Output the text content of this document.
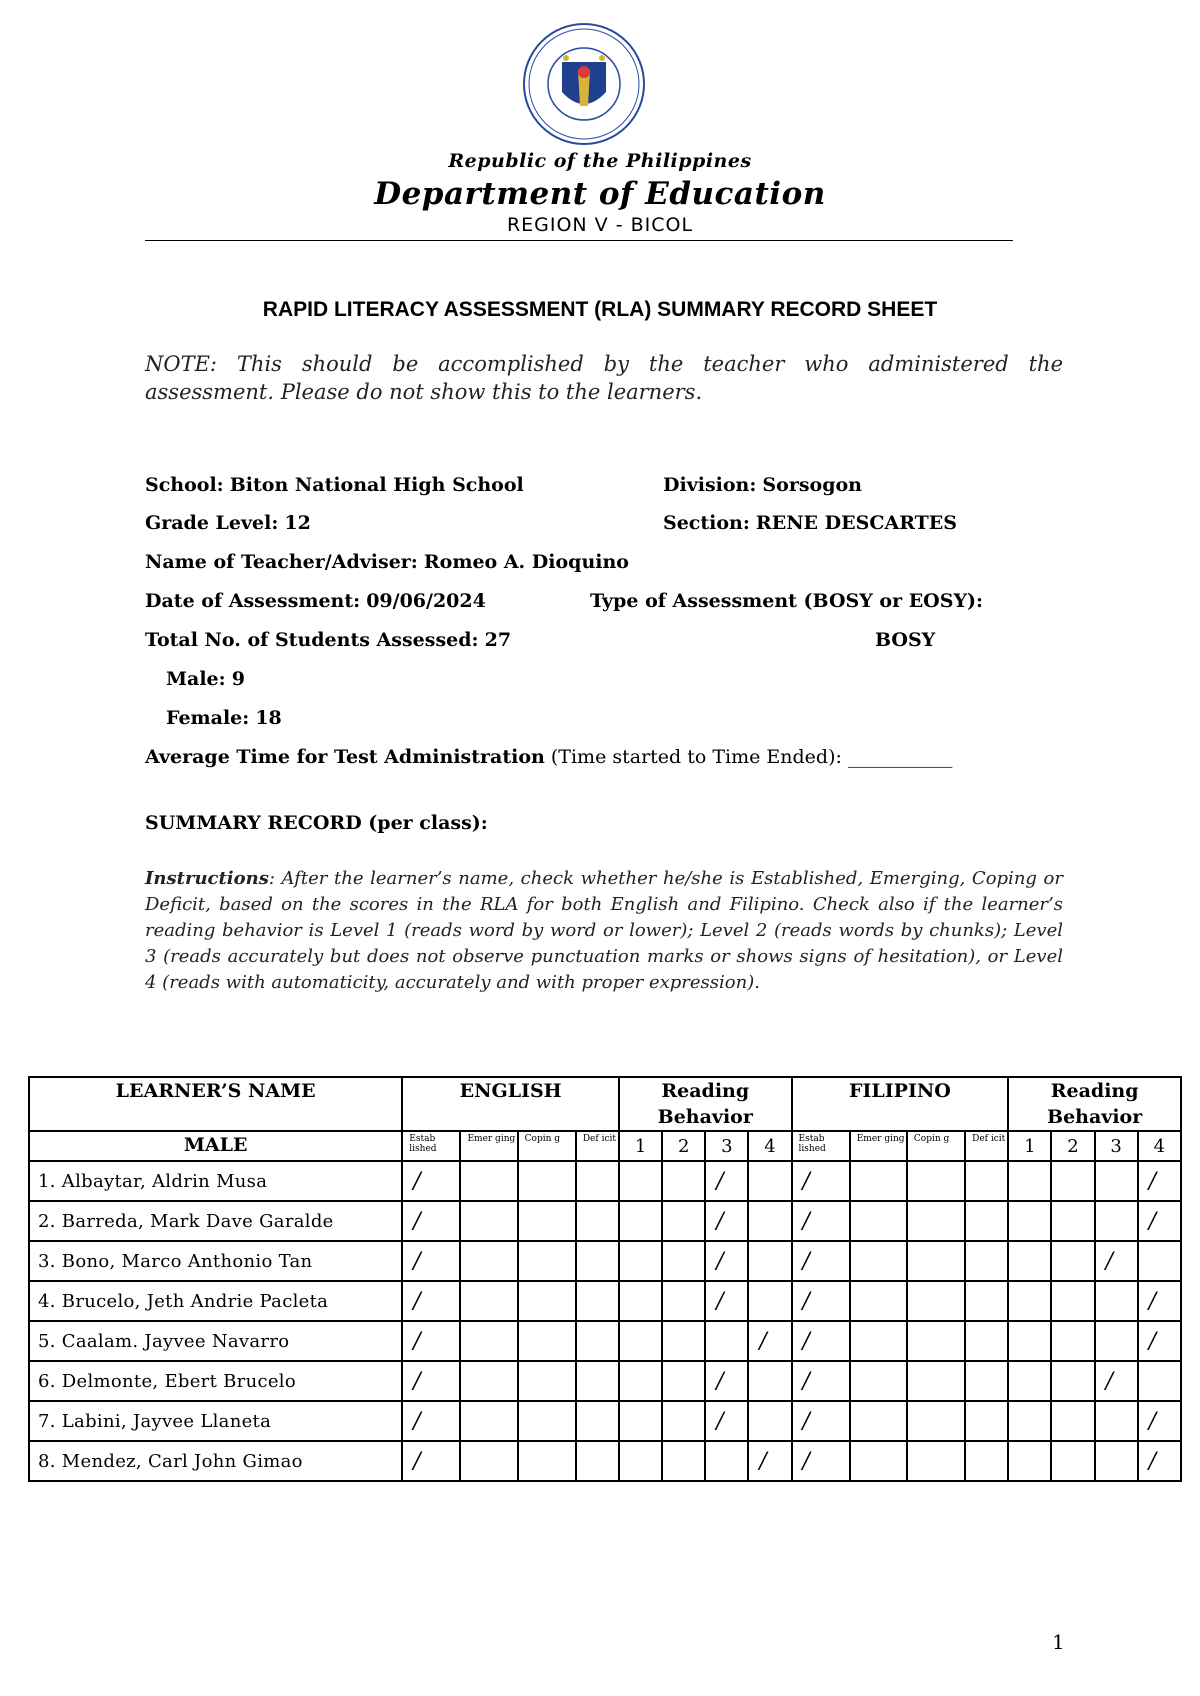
Republic of the Philippines
Department of Education
REGION V - BICOL
RAPID LITERACY ASSESSMENT (RLA) SUMMARY RECORD SHEET
NOTE: This should be accomplished by the teacher who administered the assessment. Please do not show this to the learners.
School: Biton National High School	Division: Sorsogon
Grade Level: 12	Section: RENE DESCARTES
Name of Teacher/Adviser: Romeo A. Dioquino
Date of Assessment: 09/06/2024	Type of Assessment (BOSY or EOSY):
Total No. of Students Assessed: 27	BOSY
Male: 9
Female: 18
Average Time for Test Administration (Time started to Time Ended): ___________
SUMMARY RECORD (per class):
Instructions: After the learner’s name, check whether he/she is Established, Emerging, Coping or Deficit, based on the scores in the RLA for both English and Filipino. Check also if the learner’s reading behavior is Level 1 (reads word by word or lower); Level 2 (reads words by chunks); Level 3 (reads accurately but does not observe punctuation marks or shows signs of hesitation), or Level 4 (reads with automaticity, accurately and with proper expression).
LEARNER’S NAME	ENGLISH				Reading Behavior				FILIPINO				Reading Behavior			
MALE	Estab lished	Emer ging	Copin g	Def icit	1	2	3	4	Estab lished	Emer ging	Copin g	Def icit	1	2	3	4
1. Albaytar, Aldrin Musa	/						/		/							/
2. Barreda, Mark Dave Garalde	/						/		/							/
3. Bono, Marco Anthonio Tan	/						/		/						/	
4. Brucelo, Jeth Andrie Pacleta	/						/		/							/
5. Caalam. Jayvee Navarro	/							/	/							/
6. Delmonte, Ebert Brucelo	/						/		/						/	
7. Labini, Jayvee Llaneta	/						/		/							/
8. Mendez, Carl John Gimao	/							/	/							/
1
